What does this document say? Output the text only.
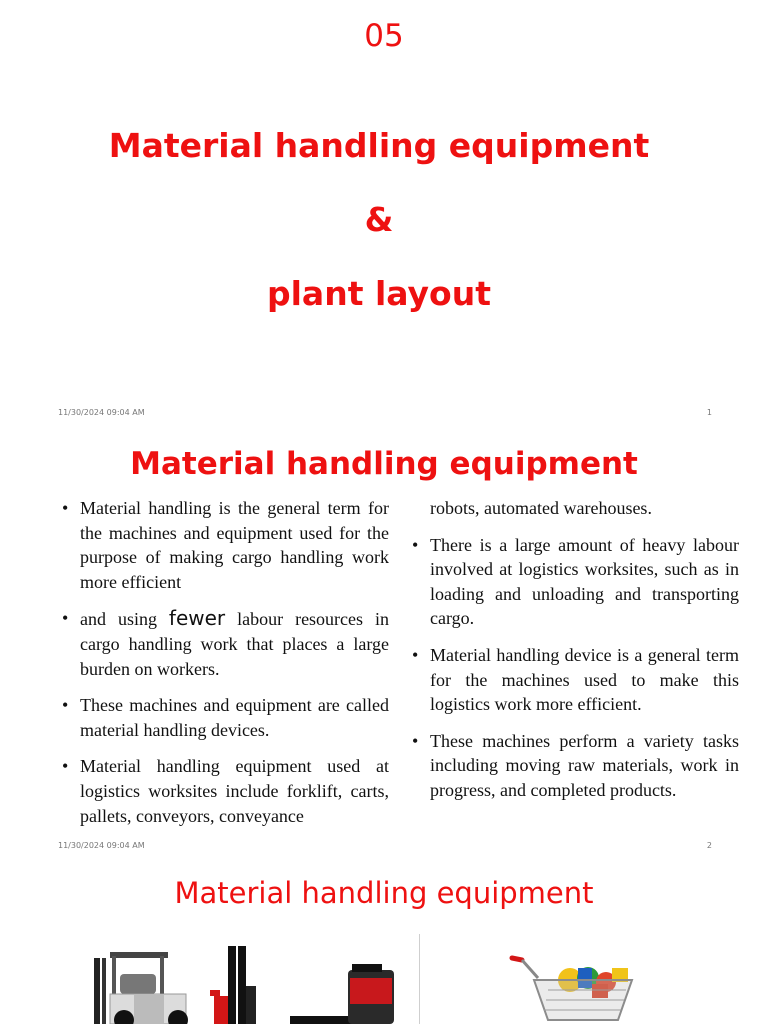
05
Material handling equipment
&
plant layout
11/30/2024 09:04 AM	1
Material handling equipment
• Material handling is the general term for the machines and equipment used for the purpose of making cargo handling work more efficient
• and using fewer labour resources in cargo handling work that places a large burden on workers.
• These machines and equipment are called material handling devices.
• Material handling equipment used at logistics worksites include forklift, carts, pallets, conveyors, conveyance
robots, automated warehouses.
• There is a large amount of heavy labour involved at logistics worksites, such as in loading and unloading and transporting cargo.
• Material handling device is a general term for the machines used to make this logistics work more efficient.
• These machines perform a variety tasks including moving raw materials, work in progress, and completed products.
11/30/2024 09:04 AM	2
Material handling equipment
